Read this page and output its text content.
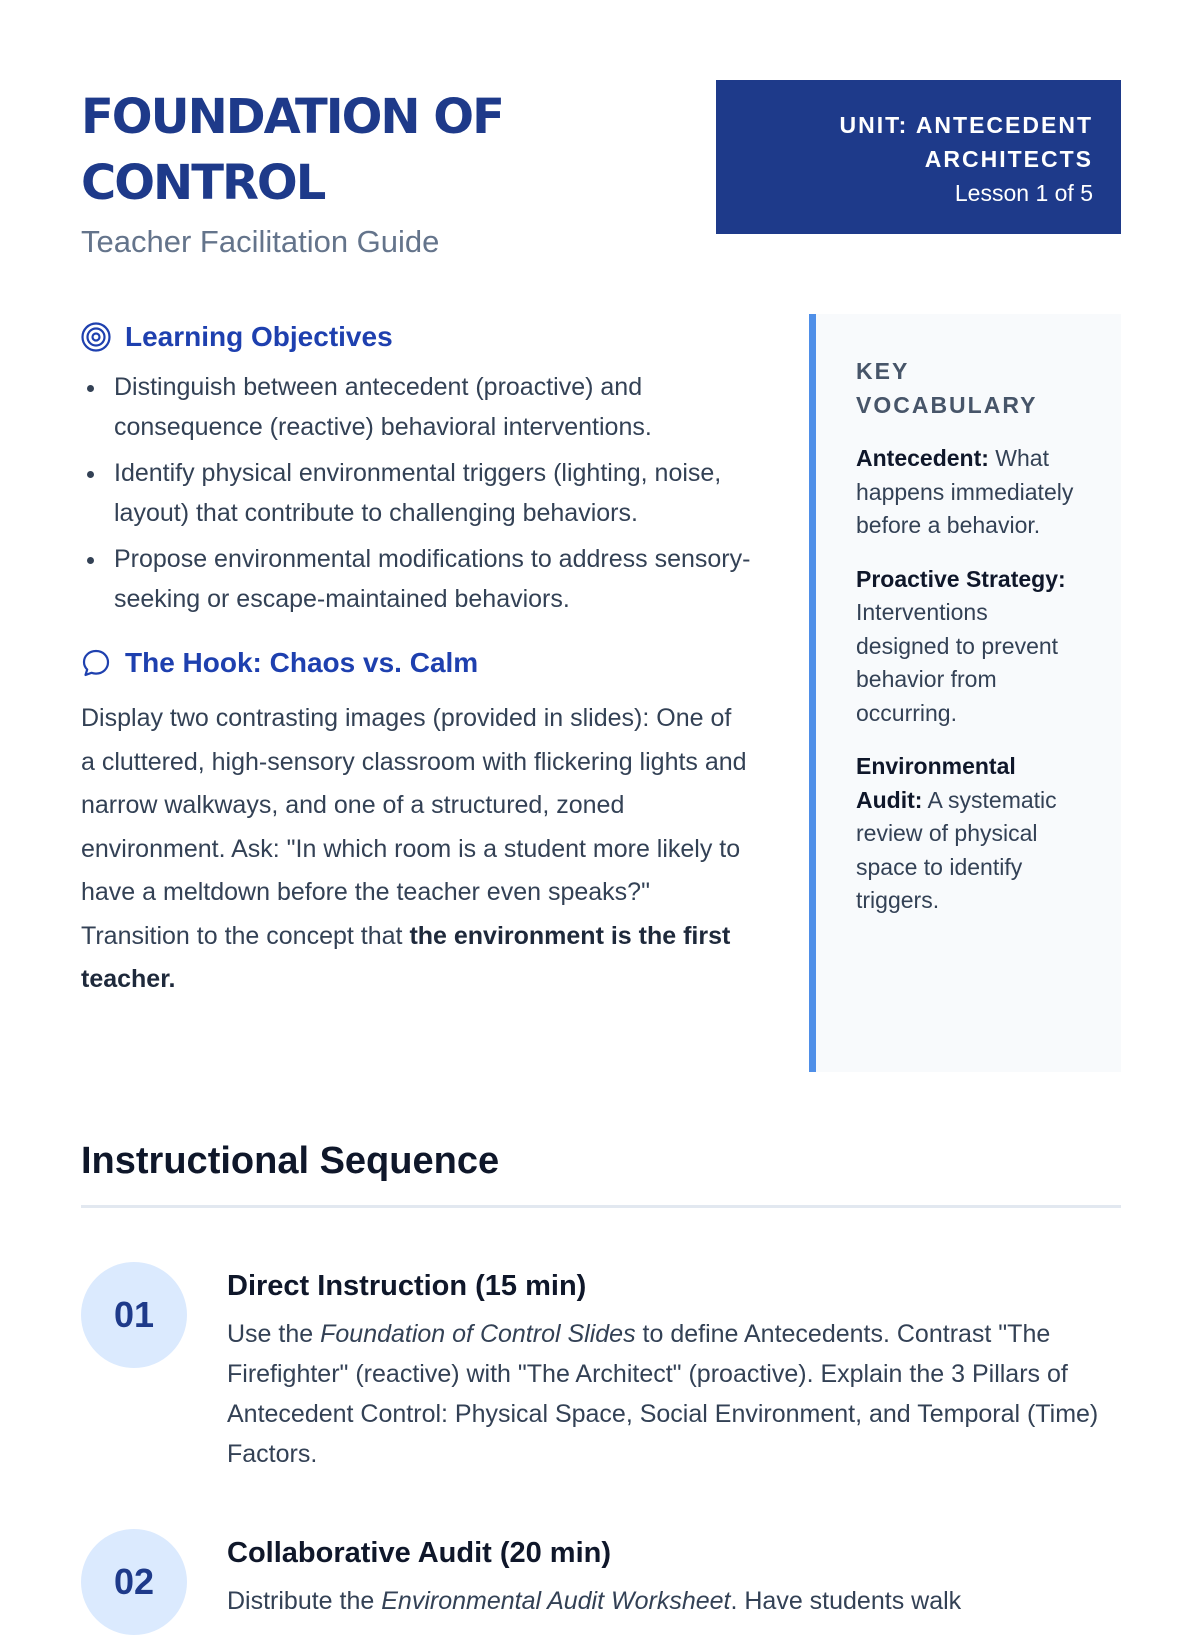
FOUNDATION OF
CONTROL
Teacher Facilitation Guide
UNIT: ANTECEDENT
ARCHITECTS
Lesson 1 of 5
Learning Objectives
Distinguish between antecedent (proactive) and consequence (reactive) behavioral interventions.
Identify physical environmental triggers (lighting, noise, layout) that contribute to challenging behaviors.
Propose environmental modifications to address sensory-seeking or escape-maintained behaviors.
The Hook: Chaos vs. Calm

Display two contrasting images (provided in slides): One of a cluttered, high-sensory classroom with flickering lights and narrow walkways, and one of a structured, zoned environment. Ask: "In which room is a student more likely to have a meltdown before the teacher even speaks?" Transition to the concept that the environment is the first teacher.

KEY
VOCABULARY

Antecedent: What happens immediately before a behavior.

Proactive Strategy: Interventions designed to prevent behavior from occurring.

Environmental Audit: A systematic review of physical space to identify triggers.

Instructional Sequence
01
Direct Instruction (15 min)

Use the Foundation of Control Slides to define Antecedents. Contrast "The Firefighter" (reactive) with "The Architect" (proactive). Explain the 3 Pillars of Antecedent Control: Physical Space, Social Environment, and Temporal (Time) Factors.

02
Collaborative Audit (20 min)

Distribute the Environmental Audit Worksheet. Have students walk
